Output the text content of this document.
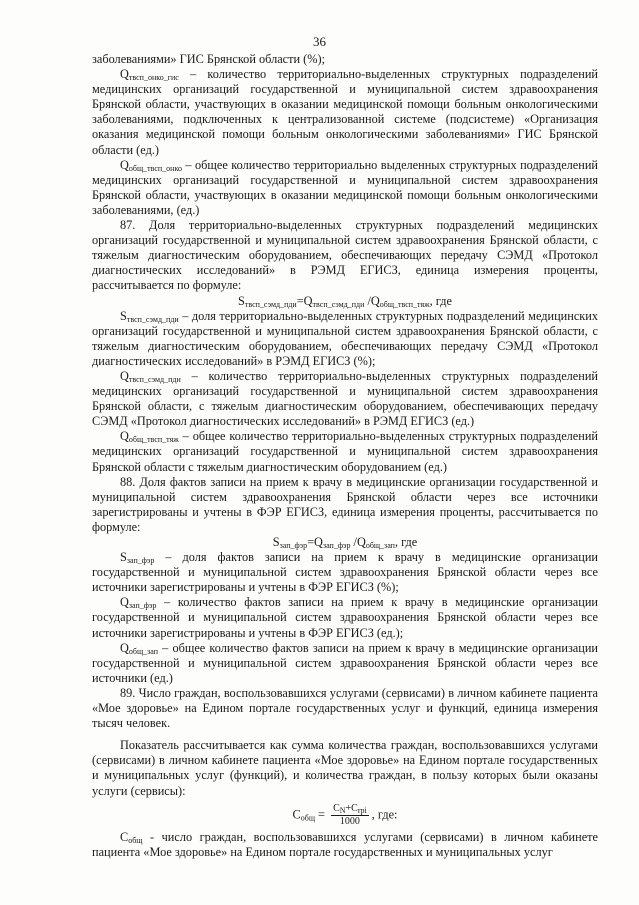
36

заболеваниями» ГИС Брянской области (%);

$Q_{твсп\_онко\_гис}$ – количество территориально-выделенных структурных подразделений медицинских организаций государственной и муниципальной систем здравоохранения Брянской области, участвующих в оказании медицинской помощи больным онкологическими заболеваниями, подключенных к централизованной системе (подсистеме) «Организация оказания медицинской помощи больным онкологическими заболеваниями» ГИС Брянской области (ед.)

$Q_{общ\_твсп\_онко}$ – общее количество территориально выделенных структурных подразделений медицинских организаций государственной и муниципальной систем здравоохранения Брянской области, участвующих в оказании медицинской помощи больным онкологическими заболеваниями, (ед.)

87. Доля территориально-выделенных структурных подразделений медицинских организаций государственной и муниципальной систем здравоохранения Брянской области, с тяжелым диагностическим оборудованием, обеспечивающих передачу СЭМД «Протокол диагностических исследований» в РЭМД ЕГИСЗ, единица измерения проценты, рассчитывается по формуле:

$S_{твсп\_сэмд\_пди}=Q_{твсп\_сэмд\_пди}$ $/Q_{общ\_твсп\_тяж}$, где

$S_{твсп\_сэмд\_пди}$ – доля территориально-выделенных структурных подразделений медицинских организаций государственной и муниципальной систем здравоохранения Брянской области, с тяжелым диагностическим оборудованием, обеспечивающих передачу СЭМД «Протокол диагностических исследований» в РЭМД ЕГИСЗ (%);

$Q_{твсп\_сэмд\_пди}$ – количество территориально-выделенных структурных подразделений медицинских организаций государственной и муниципальной систем здравоохранения Брянской области, с тяжелым диагностическим оборудованием, обеспечивающих передачу СЭМД «Протокол диагностических исследований» в РЭМД ЕГИСЗ (ед.)

$Q_{общ\_твсп\_тяж}$ – общее количество территориально-выделенных структурных подразделений медицинских организаций государственной и муниципальной систем здравоохранения Брянской области с тяжелым диагностическим оборудованием (ед.)

88. Доля фактов записи на прием к врачу в медицинские организации государственной и муниципальной систем здравоохранения Брянской области через все источники зарегистрированы и учтены в ФЭР ЕГИСЗ, единица измерения проценты, рассчитывается по формуле:

$S_{зап\_фэр}=Q_{зап\_фэр}$ $/Q_{общ\_зап}$, где

$S_{зап\_фэр}$ – доля фактов записи на прием к врачу в медицинские организации государственной и муниципальной систем здравоохранения Брянской области через все источники зарегистрированы и учтены в ФЭР ЕГИСЗ (%);

$Q_{зап\_фэр}$ – количество фактов записи на прием к врачу в медицинские организации государственной и муниципальной систем здравоохранения Брянской области через все источники зарегистрированы и учтены в ФЭР ЕГИСЗ (ед.);

$Q_{общ\_зап}$ – общее количество фактов записи на прием к врачу в медицинские организации государственной и муниципальной систем здравоохранения Брянской области через все источники (ед.)

89. Число граждан, воспользовавшихся услугами (сервисами) в личном кабинете пациента «Мое здоровье» на Едином портале государственных услуг и функций, единица измерения тысяч человек.

Показатель рассчитывается как сумма количества граждан, воспользовавшихся услугами (сервисами) в личном кабинете пациента «Мое здоровье» на Едином портале государственных и муниципальных услуг (функций), и количества граждан, в пользу которых были оказаны услуги (сервисы):

$C_{общ} = \frac{C_N+C_{rpi}}{1000}$ , где:

$C_{общ}$ - число граждан, воспользовавшихся услугами (сервисами) в личном кабинете пациента «Мое здоровье» на Едином портале государственных и муниципальных услуг
